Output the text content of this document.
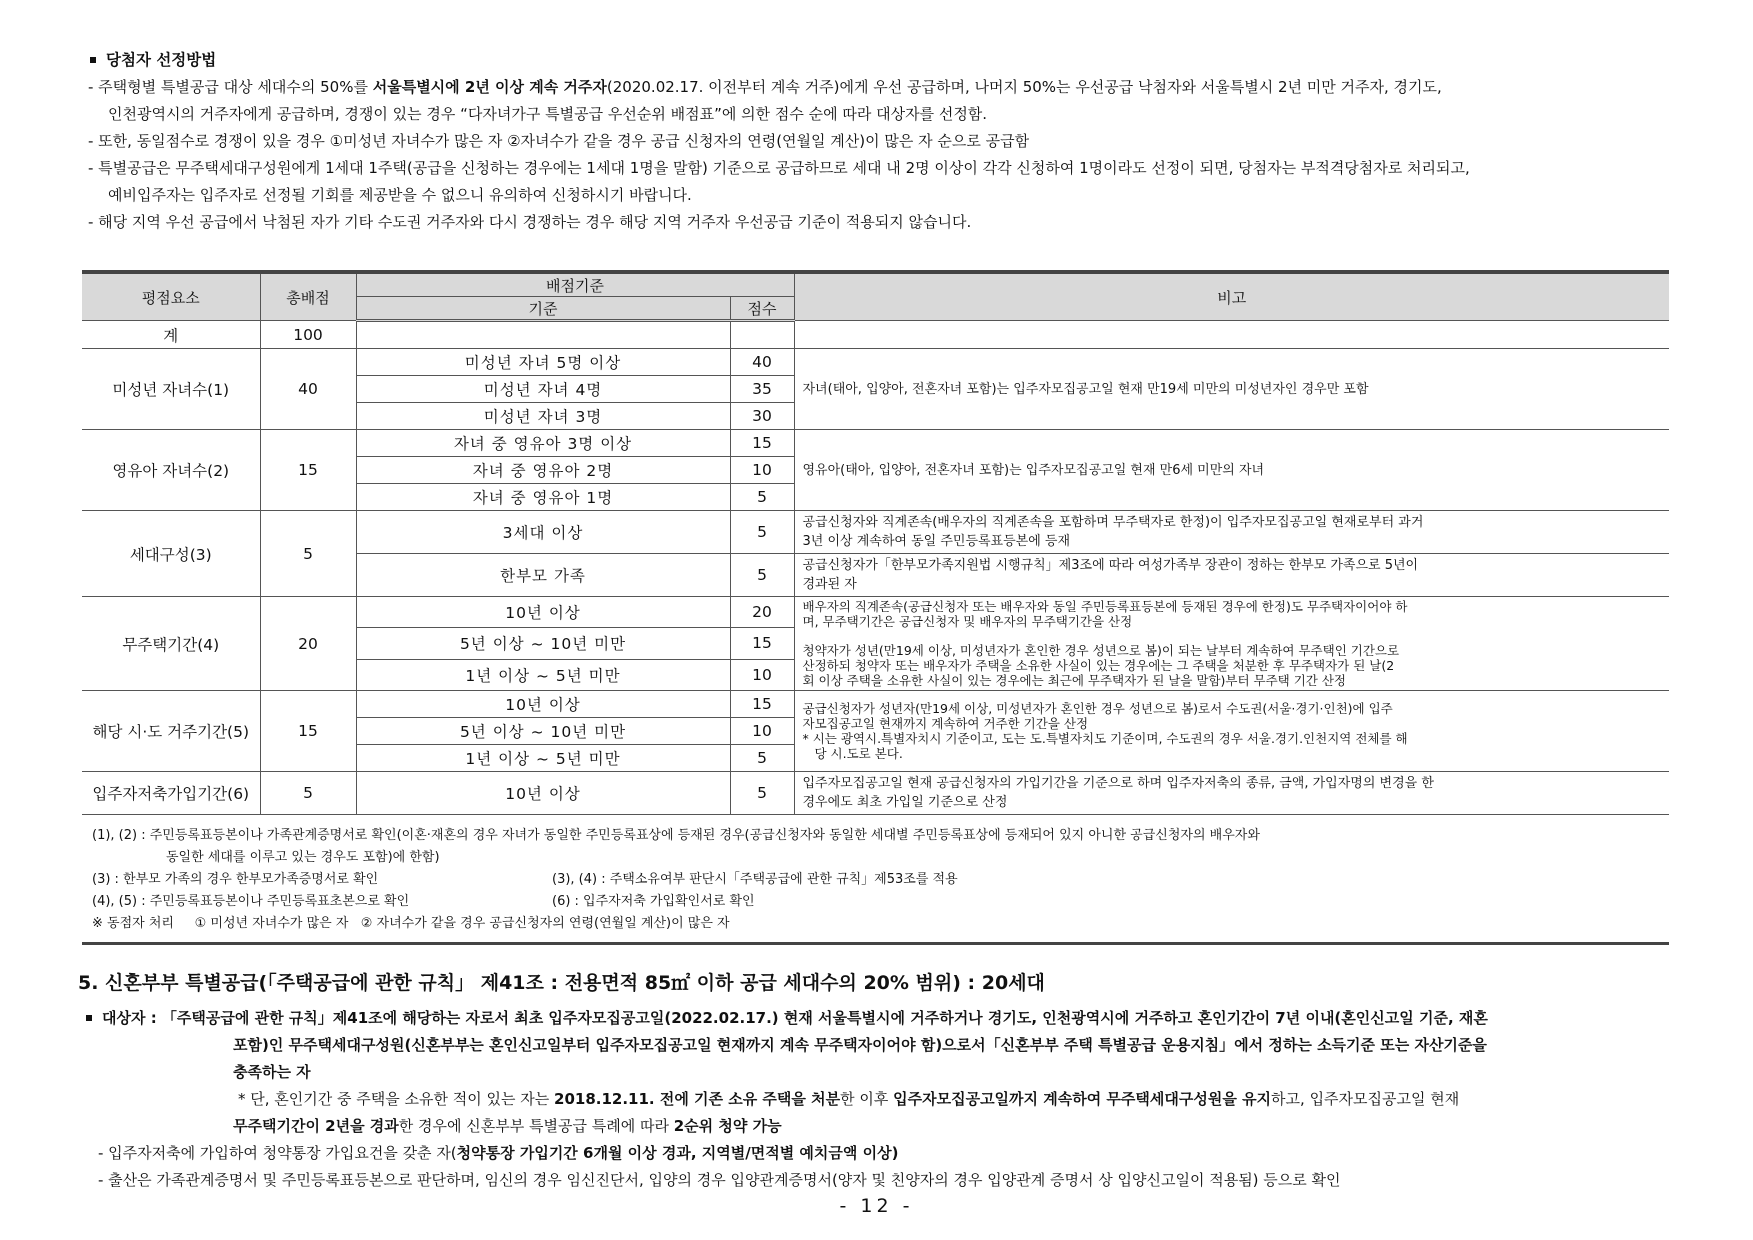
당첨자 선정방법
- 주택형별 특별공급 대상 세대수의 50%를 서울특별시에 2년 이상 계속 거주자(2020.02.17. 이전부터 계속 거주)에게 우선 공급하며, 나머지 50%는 우선공급 낙첨자와 서울특별시 2년 미만 거주자, 경기도,
인천광역시의 거주자에게 공급하며, 경쟁이 있는 경우 “다자녀가구 특별공급 우선순위 배점표”에 의한 점수 순에 따라 대상자를 선정함.
- 또한, 동일점수로 경쟁이 있을 경우 ①미성년 자녀수가 많은 자 ②자녀수가 같을 경우 공급 신청자의 연령(연월일 계산)이 많은 자 순으로 공급함
- 특별공급은 무주택세대구성원에게 1세대 1주택(공급을 신청하는 경우에는 1세대 1명을 말함) 기준으로 공급하므로 세대 내 2명 이상이 각각 신청하여 1명이라도 선정이 되면, 당첨자는 부적격당첨자로 처리되고,
예비입주자는 입주자로 선정될 기회를 제공받을 수 없으니 유의하여 신청하시기 바랍니다.
- 해당 지역 우선 공급에서 낙첨된 자가 기타 수도권 거주자와 다시 경쟁하는 경우 해당 지역 거주자 우선공급 기준이 적용되지 않습니다.
평점요소	총배점	배점기준		비고
		기준	점수	
계	100			
미성년 자녀수(1)	40	미성년 자녀 5명 이상	40	자녀(태아, 입양아, 전혼자녀 포함)는 입주자모집공고일 현재 만19세 미만의 미성년자인 경우만 포함
		미성년 자녀 4명	35	
		미성년 자녀 3명	30	
영유아 자녀수(2)	15	자녀 중 영유아 3명 이상	15	영유아(태아, 입양아, 전혼자녀 포함)는 입주자모집공고일 현재 만6세 미만의 자녀
		자녀 중 영유아 2명	10	
		자녀 중 영유아 1명	5	
세대구성(3)	5	3세대 이상	5	공급신청자와 직계존속(배우자의 직계존속을 포함하며 무주택자로 한정)이 입주자모집공고일 현재로부터 과거
3년 이상 계속하여 동일 주민등록표등본에 등재

		한부모 가족	5	공급신청자가「한부모가족지원법 시행규칙」제3조에 따라 여성가족부 장관이 정하는 한부모 가족으로 5년이
경과된 자

무주택기간(4)	20	10년 이상	20	배우자의 직계존속(공급신청자 또는 배우자와 동일 주민등록표등본에 등재된 경우에 한정)도 무주택자이어야 하
며, 무주택기간은 공급신청자 및 배우자의 무주택기간을 산정
청약자가 성년(만19세 이상, 미성년자가 혼인한 경우 성년으로 봄)이 되는 날부터 계속하여 무주택인 기간으로
산정하되 청약자 또는 배우자가 주택을 소유한 사실이 있는 경우에는 그 주택을 처분한 후 무주택자가 된 날(2
회 이상 주택을 소유한 사실이 있는 경우에는 최근에 무주택자가 된 날을 말함)부터 무주택 기간 산정

		5년 이상 ~ 10년 미만	15	
		1년 이상 ~ 5년 미만	10	
해당 시·도 거주기간(5)	15	10년 이상	15	공급신청자가 성년자(만19세 이상, 미성년자가 혼인한 경우 성년으로 봄)로서 수도권(서울·경기·인천)에 입주
자모집공고일 현재까지 계속하여 거주한 기간을 산정
* 시는 광역시.특별자치시 기준이고, 도는 도.특별자치도 기준이며, 수도권의 경우 서울.경기.인천지역 전체를 해
당 시.도로 본다.

		5년 이상 ~ 10년 미만	10	
		1년 이상 ~ 5년 미만	5	
입주자저축가입기간(6)	5	10년 이상	5	입주자모집공고일 현재 공급신청자의 가입기간을 기준으로 하며 입주자저축의 종류, 금액, 가입자명의 변경을 한
경우에도 최초 가입일 기준으로 산정
(1), (2) : 주민등록표등본이나 가족관계증명서로 확인(이혼·재혼의 경우 자녀가 동일한 주민등록표상에 등재된 경우(공급신청자와 동일한 세대별 주민등록표상에 등재되어 있지 아니한 공급신청자의 배우자와
동일한 세대를 이루고 있는 경우도 포함)에 한함)
(3) : 한부모 가족의 경우 한부모가족증명서로 확인	(3), (4) : 주택소유여부 판단시「주택공급에 관한 규칙」제53조를 적용
(4), (5) : 주민등록표등본이나 주민등록표초본으로 확인	(6) : 입주자저축 가입확인서로 확인
※ 동점자 처리     ① 미성년 자녀수가 많은 자   ② 자녀수가 같을 경우 공급신청자의 연령(연월일 계산)이 많은 자
5. 신혼부부 특별공급(「주택공급에 관한 규칙」 제41조 : 전용면적 85㎡ 이하 공급 세대수의 20% 범위) : 20세대
대상자 : 「주택공급에 관한 규칙」제41조에 해당하는 자로서 최초 입주자모집공고일(2022.02.17.) 현재 서울특별시에 거주하거나 경기도, 인천광역시에 거주하고 혼인기간이 7년 이내(혼인신고일 기준, 재혼
포함)인 무주택세대구성원(신혼부부는 혼인신고일부터 입주자모집공고일 현재까지 계속 무주택자이어야 함)으로서「신혼부부 주택 특별공급 운용지침」에서 정하는 소득기준 또는 자산기준을
충족하는 자
* 단, 혼인기간 중 주택을 소유한 적이 있는 자는 2018.12.11. 전에 기존 소유 주택을 처분한 이후 입주자모집공고일까지 계속하여 무주택세대구성원을 유지하고, 입주자모집공고일 현재
무주택기간이 2년을 경과한 경우에 신혼부부 특별공급 특례에 따라 2순위 청약 가능
- 입주자저축에 가입하여 청약통장 가입요건을 갖춘 자(청약통장 가입기간 6개월 이상 경과, 지역별/면적별 예치금액 이상)
- 출산은 가족관계증명서 및 주민등록표등본으로 판단하며, 임신의 경우 임신진단서, 입양의 경우 입양관계증명서(양자 및 친양자의 경우 입양관계 증명서 상 입양신고일이 적용됨) 등으로 확인
- 12 -
